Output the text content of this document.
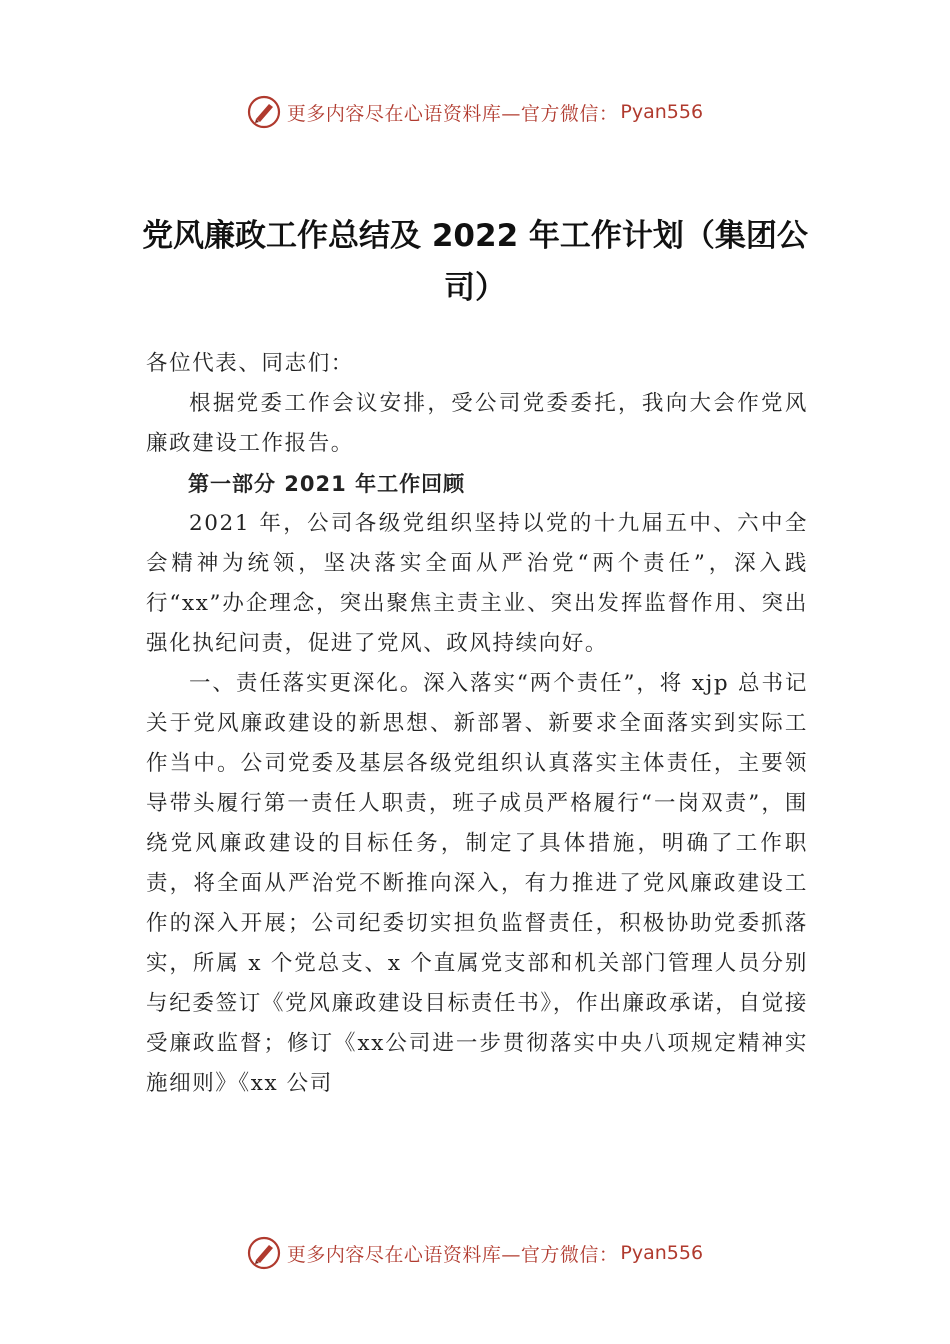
更多内容尽在心语资料库—官方微信： Pyan556
党风廉政工作总结及 2022 年工作计划（集团公司）

各位代表、同志们：

根据党委工作会议安排，受公司党委委托，我向大会作党风廉政建设工作报告。

第一部分 2021 年工作回顾

2021 年，公司各级党组织坚持以党的十九届五中、六中全会精神为统领，坚决落实全面从严治党“两个责任”，深入践行“xx”办企理念，突出聚焦主责主业、突出发挥监督作用、突出强化执纪问责，促进了党风、政风持续向好。

一、责任落实更深化。深入落实“两个责任”，将 xjp 总书记关于党风廉政建设的新思想、新部署、新要求全面落实到实际工作当中。公司党委及基层各级党组织认真落实主体责任，主要领导带头履行第一责任人职责，班子成员严格履行“一岗双责”，围绕党风廉政建设的目标任务，制定了具体措施，明确了工作职责，将全面从严治党不断推向深入，有力推进了党风廉政建设工作的深入开展；公司纪委切实担负监督责任，积极协助党委抓落实，所属 x 个党总支、x 个直属党支部和机关部门管理人员分别与纪委签订《党风廉政建设目标责任书》，作出廉政承诺，自觉接受廉政监督；修订《xx公司进一步贯彻落实中央八项规定精神实施细则》《xx 公司

更多内容尽在心语资料库—官方微信： Pyan556
